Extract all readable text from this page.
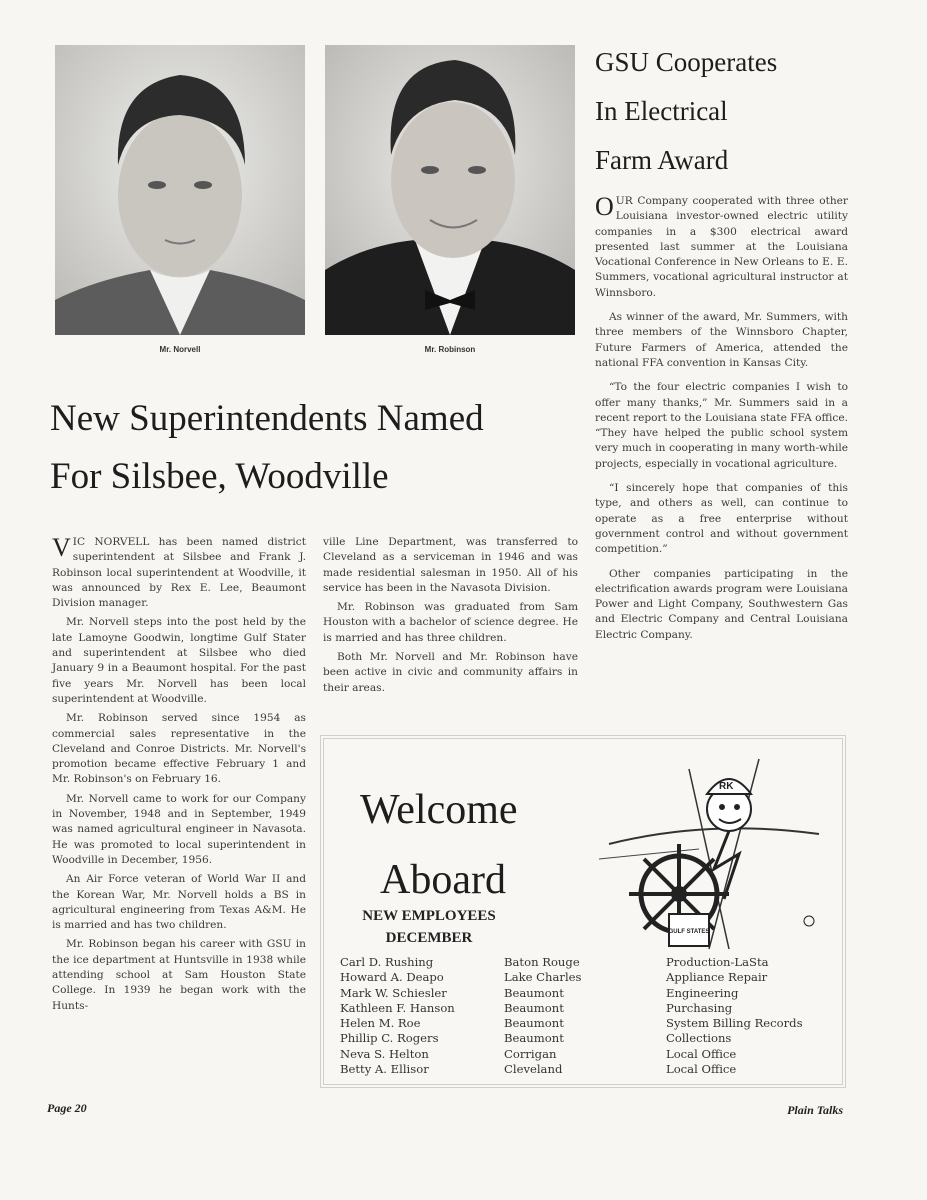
Mr. Norvell	Mr. Robinson
New Superintendents Named
For Silsbee, Woodville

VIC NORVELL has been named district superintendent at Silsbee and Frank J. Robinson local superintendent at Woodville, it was announced by Rex E. Lee, Beaumont Division manager.

Mr. Norvell steps into the post held by the late Lamoyne Goodwin, longtime Gulf Stater and superintendent at Silsbee who died January 9 in a Beaumont hospital. For the past five years Mr. Norvell has been local superintendent at Woodville.

Mr. Robinson served since 1954 as commercial sales representative in the Cleveland and Conroe Districts. Mr. Norvell's promotion became effective February 1 and Mr. Robinson's on February 16.

Mr. Norvell came to work for our Company in November, 1948 and in September, 1949 was named agricultural engineer in Navasota. He was promoted to local superintendent in Woodville in December, 1956.

An Air Force veteran of World War II and the Korean War, Mr. Norvell holds a BS in agricultural engineering from Texas A&M. He is married and has two children.

Mr. Robinson began his career with GSU in the ice department at Huntsville in 1938 while attending school at Sam Houston State College. In 1939 he began work with the Hunts-

ville Line Department, was transferred to Cleveland as a serviceman in 1946 and was made residential salesman in 1950. All of his service has been in the Navasota Division.

Mr. Robinson was graduated from Sam Houston with a bachelor of science degree. He is married and has three children.

Both Mr. Norvell and Mr. Robinson have been active in civic and community affairs in their areas.

GSU Cooperates
In Electrical
Farm Award

OUR Company cooperated with three other Louisiana investor-owned electric utility companies in a $300 electrical award presented last summer at the Louisiana Vocational Conference in New Orleans to E. E. Summers, vocational agricultural instructor at Winnsboro.

As winner of the award, Mr. Summers, with three members of the Winnsboro Chapter, Future Farmers of America, attended the national FFA convention in Kansas City.

“To the four electric companies I wish to offer many thanks,” Mr. Summers said in a recent report to the Louisiana state FFA office. “They have helped the public school system very much in cooperating in many worth-while projects, especially in vocational agriculture.

“I sincerely hope that companies of this type, and others as well, can continue to operate as a free enterprise without government control and without government competition.”

Other companies participating in the electrification awards program were Louisiana Power and Light Company, Southwestern Gas and Electric Company and Central Louisiana Electric Company.

Welcome
Aboard
NEW EMPLOYEES
DECEMBER
RK
GULF STATES
Carl D. Rushing	Baton Rouge	Production-LaSta
Howard A. Deapo	Lake Charles	Appliance Repair
Mark W. Schiesler	Beaumont	Engineering
Kathleen F. Hanson	Beaumont	Purchasing
Helen M. Roe	Beaumont	System Billing Records
Phillip C. Rogers	Beaumont	Collections
Neva S. Helton	Corrigan	Local Office
Betty A. Ellisor	Cleveland	Local Office
Page 20	Plain Talks
